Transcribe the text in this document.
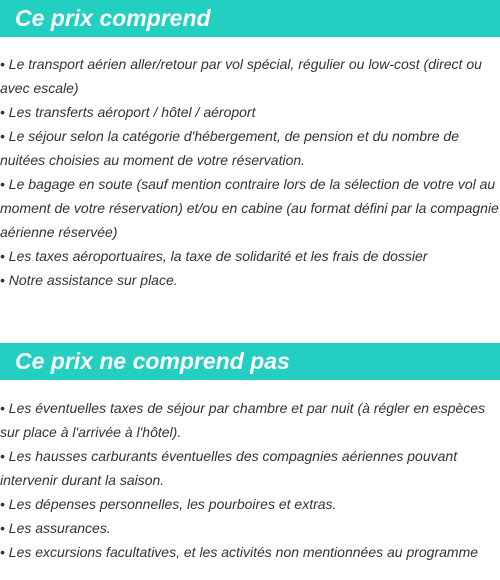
Ce prix comprend
• Le transport aérien aller/retour par vol spécial, régulier ou low-cost (direct ou avec escale)
• Les transferts aéroport / hôtel / aéroport
• Le séjour selon la catégorie d'hébergement, de pension et du nombre de nuitées choisies au moment de votre réservation.
• Le bagage en soute (sauf mention contraire lors de la sélection de votre vol au moment de votre réservation) et/ou en cabine (au format défini par la compagnie aérienne réservée)
• Les taxes aéroportuaires, la taxe de solidarité et les frais de dossier
• Notre assistance sur place.
Ce prix ne comprend pas
• Les éventuelles taxes de séjour par chambre et par nuit (à régler en espèces sur place à l'arrivée à l'hôtel).
• Les hausses carburants éventuelles des compagnies aériennes pouvant intervenir durant la saison.
• Les dépenses personnelles, les pourboires et extras.
• Les assurances.
• Les excursions facultatives, et les activités non mentionnées au programme
